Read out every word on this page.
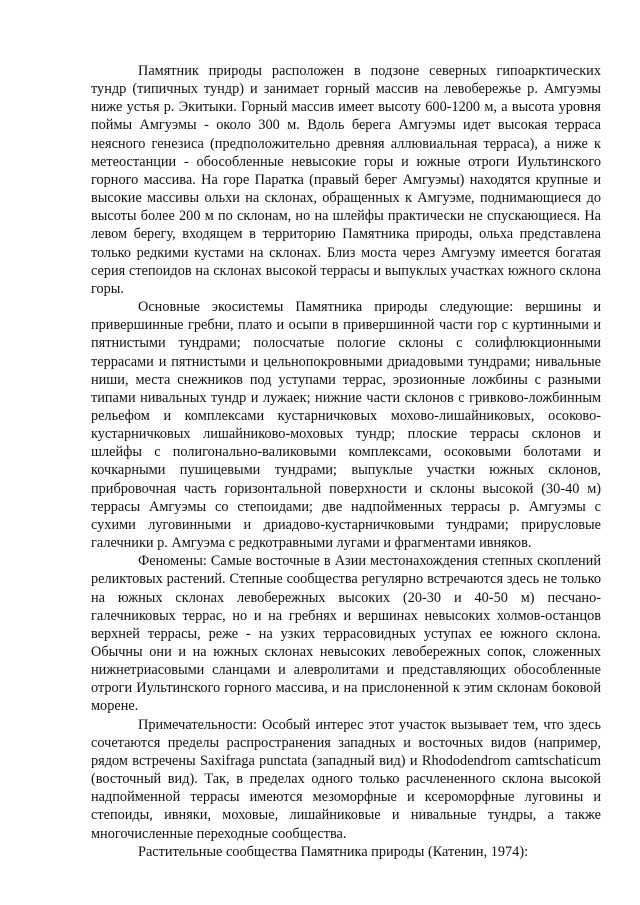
Памятник природы расположен в подзоне северных гипоарктических тундр (типичных тундр) и занимает горный массив на левобережье р. Амгуэмы ниже устья р. Экитыки. Горный массив имеет высоту 600-1200 м, а высота уровня поймы Амгуэмы - около 300 м. Вдоль берега Амгуэмы идет высокая терраса неясного генезиса (предположительно древняя аллювиальная терраса), а ниже к метеостанции - обособленные невысокие горы и южные отроги Иультинского горного массива. На горе Паратка (правый берег Амгуэмы) находятся крупные и высокие массивы ольхи на склонах, обращенных к Амгуэме, поднимающиеся до высоты более 200 м по склонам, но на шлейфы практически не спускающиеся. На левом берегу, входящем в территорию Памятника природы, ольха представлена только редкими кустами на склонах. Близ моста через Амгуэму имеется богатая серия степоидов на склонах высокой террасы и выпуклых участках южного склона горы.

Основные экосистемы Памятника природы следующие: вершины и привершинные гребни, плато и осыпи в привершинной части гор с куртинными и пятнистыми тундрами; полосчатые пологие склоны с солифлюкционными террасами и пятнистыми и цельнопокровными дриадовыми тундрами; нивальные ниши, места снежников под уступами террас, эрозионные ложбины с разными типами нивальных тундр и лужаек; нижние части склонов с гривково-ложбинным рельефом и комплексами кустарничковых мохово-лишайниковых, осоково-кустарничковых лишайниково-моховых тундр; плоские террасы склонов и шлейфы с полигонально-валиковыми комплексами, осоковыми болотами и кочкарными пушицевыми тундрами; выпуклые участки южных склонов, прибровочная часть горизонтальной поверхности и склоны высокой (30-40 м) террасы Амгуэмы со степоидами; две надпойменных террасы р. Амгуэмы с сухими луговинными и дриадово-кустарничковыми тундрами; прирусловые галечники р. Амгуэма с редкотравными лугами и фрагментами ивняков.

Феномены: Самые восточные в Азии местонахождения степных скоплений реликтовых растений. Степные сообщества регулярно встречаются здесь не только на южных склонах левобережных высоких (20-30 и 40-50 м) песчано-галечниковых террас, но и на гребнях и вершинах невысоких холмов-останцов верхней террасы, реже - на узких террасовидных уступах ее южного склона. Обычны они и на южных склонах невысоких левобережных сопок, сложенных нижнетриасовыми сланцами и алевролитами и представляющих обособленные отроги Иультинского горного массива, и на прислоненной к этим склонам боковой морене.

Примечательности: Особый интерес этот участок вызывает тем, что здесь сочетаются пределы распространения западных и восточных видов (например, рядом встречены Saxifraga punctata (западный вид) и Rhododendrom camtschaticum (восточный вид). Так, в пределах одного только расчлененного склона высокой надпойменной террасы имеются мезоморфные и ксероморфные луговины и степоиды, ивняки, моховые, лишайниковые и нивальные тундры, а также многочисленные переходные сообщества.

Растительные сообщества Памятника природы (Катенин, 1974):
